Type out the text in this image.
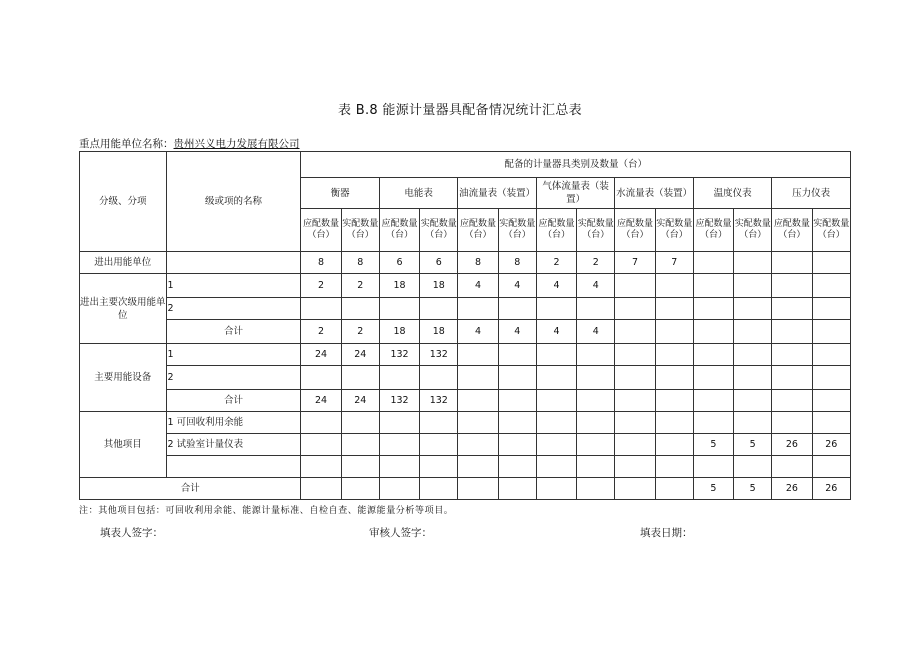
表 B.8 能源计量器具配备情况统计汇总表
重点用能单位名称：贵州兴义电力发展有限公司
分级、分项	级或项的名称	配备的计量器具类别及数量（台）													
		衡器		电能表		油流量表（装置）		气体流量表（装置）		水流量表（装置）		温度仪表		压力仪表	
		应配数量（台）	实配数量（台）	应配数量（台）	实配数量（台）	应配数量（台）	实配数量（台）	应配数量（台）	实配数量（台）	应配数量（台）	实配数量（台）	应配数量（台）	实配数量（台）	应配数量（台）	实配数量（台）
进出用能单位		8	8	6	6	8	8	2	2	7	7				
进出主要次级用能单位	1	2	2	18	18	4	4	4	4						
	2														
	合计	2	2	18	18	4	4	4	4						
主要用能设备	1	24	24	132	132										
	2														
	合计	24	24	132	132										
其他项目	1 可回收利用余能														
	2 试验室计量仪表											5	5	26	26

合计												5	5	26	26
注：其他项目包括：可回收利用余能、能源计量标准、自检自查、能源能量分析等项目。
填表人签字：	审核人签字：	填表日期：
